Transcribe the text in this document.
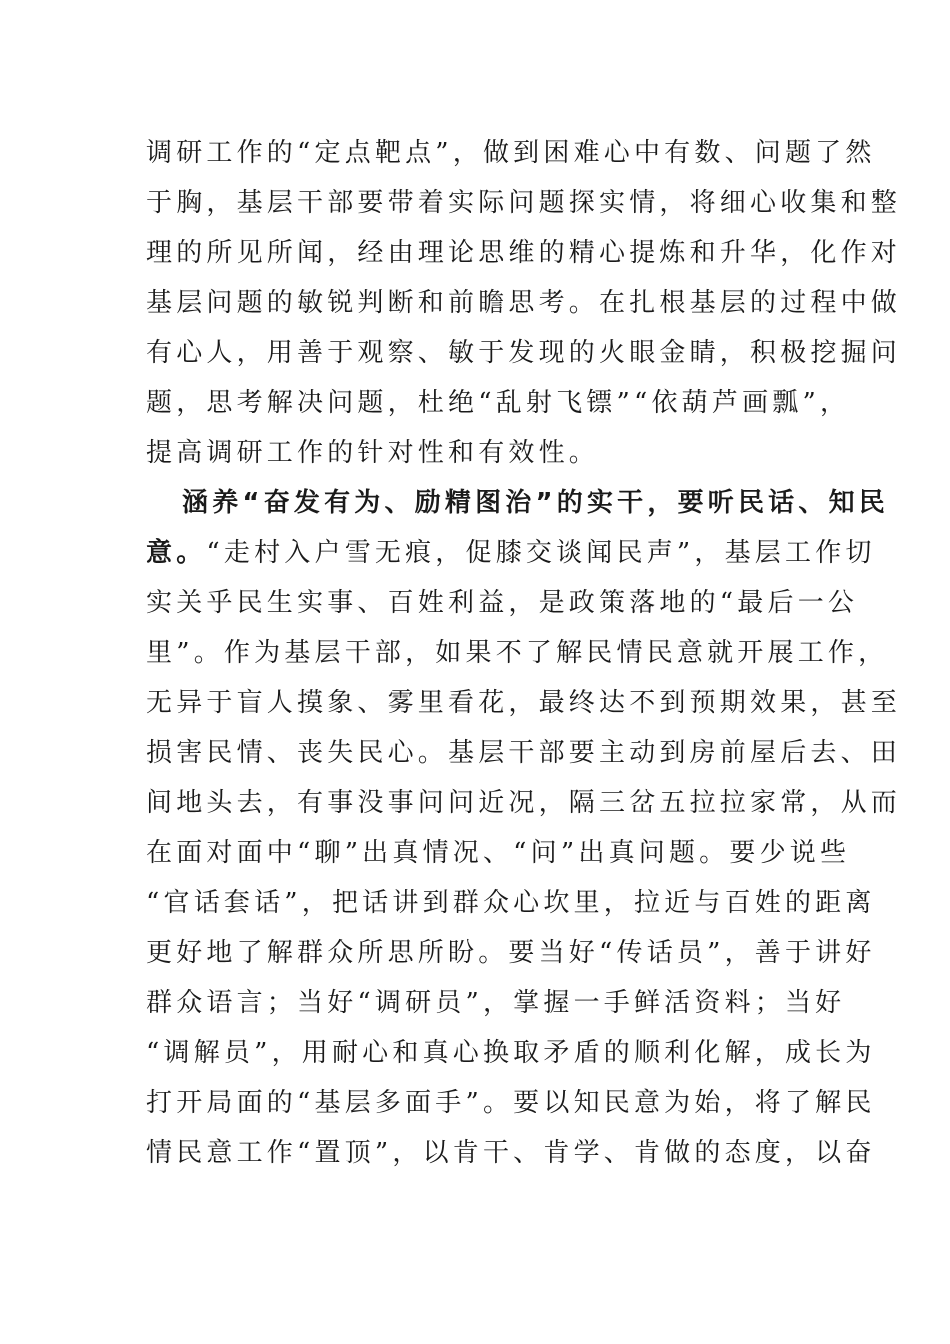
调研工作的“定点靶点”，做到困难心中有数、问题了然
于胸，基层干部要带着实际问题探实情，将细心收集和整
理的所见所闻，经由理论思维的精心提炼和升华，化作对
基层问题的敏锐判断和前瞻思考。在扎根基层的过程中做
有心人，用善于观察、敏于发现的火眼金睛，积极挖掘问
题，思考解决问题，杜绝“乱射飞镖”“依葫芦画瓢”，
提高调研工作的针对性和有效性。
涵养“奋发有为、励精图治”的实干，要听民话、知民
意。“走村入户雪无痕，促膝交谈闻民声”，基层工作切
实关乎民生实事、百姓利益，是政策落地的“最后一公
里”。作为基层干部，如果不了解民情民意就开展工作，
无异于盲人摸象、雾里看花，最终达不到预期效果，甚至
损害民情、丧失民心。基层干部要主动到房前屋后去、田
间地头去，有事没事问问近况，隔三岔五拉拉家常，从而
在面对面中“聊”出真情况、“问”出真问题。要少说些
“官话套话”，把话讲到群众心坎里，拉近与百姓的距离
更好地了解群众所思所盼。要当好“传话员”，善于讲好
群众语言；当好“调研员”，掌握一手鲜活资料；当好
“调解员”，用耐心和真心换取矛盾的顺利化解，成长为
打开局面的“基层多面手”。要以知民意为始，将了解民
情民意工作“置顶”，以肯干、肯学、肯做的态度，以奋
